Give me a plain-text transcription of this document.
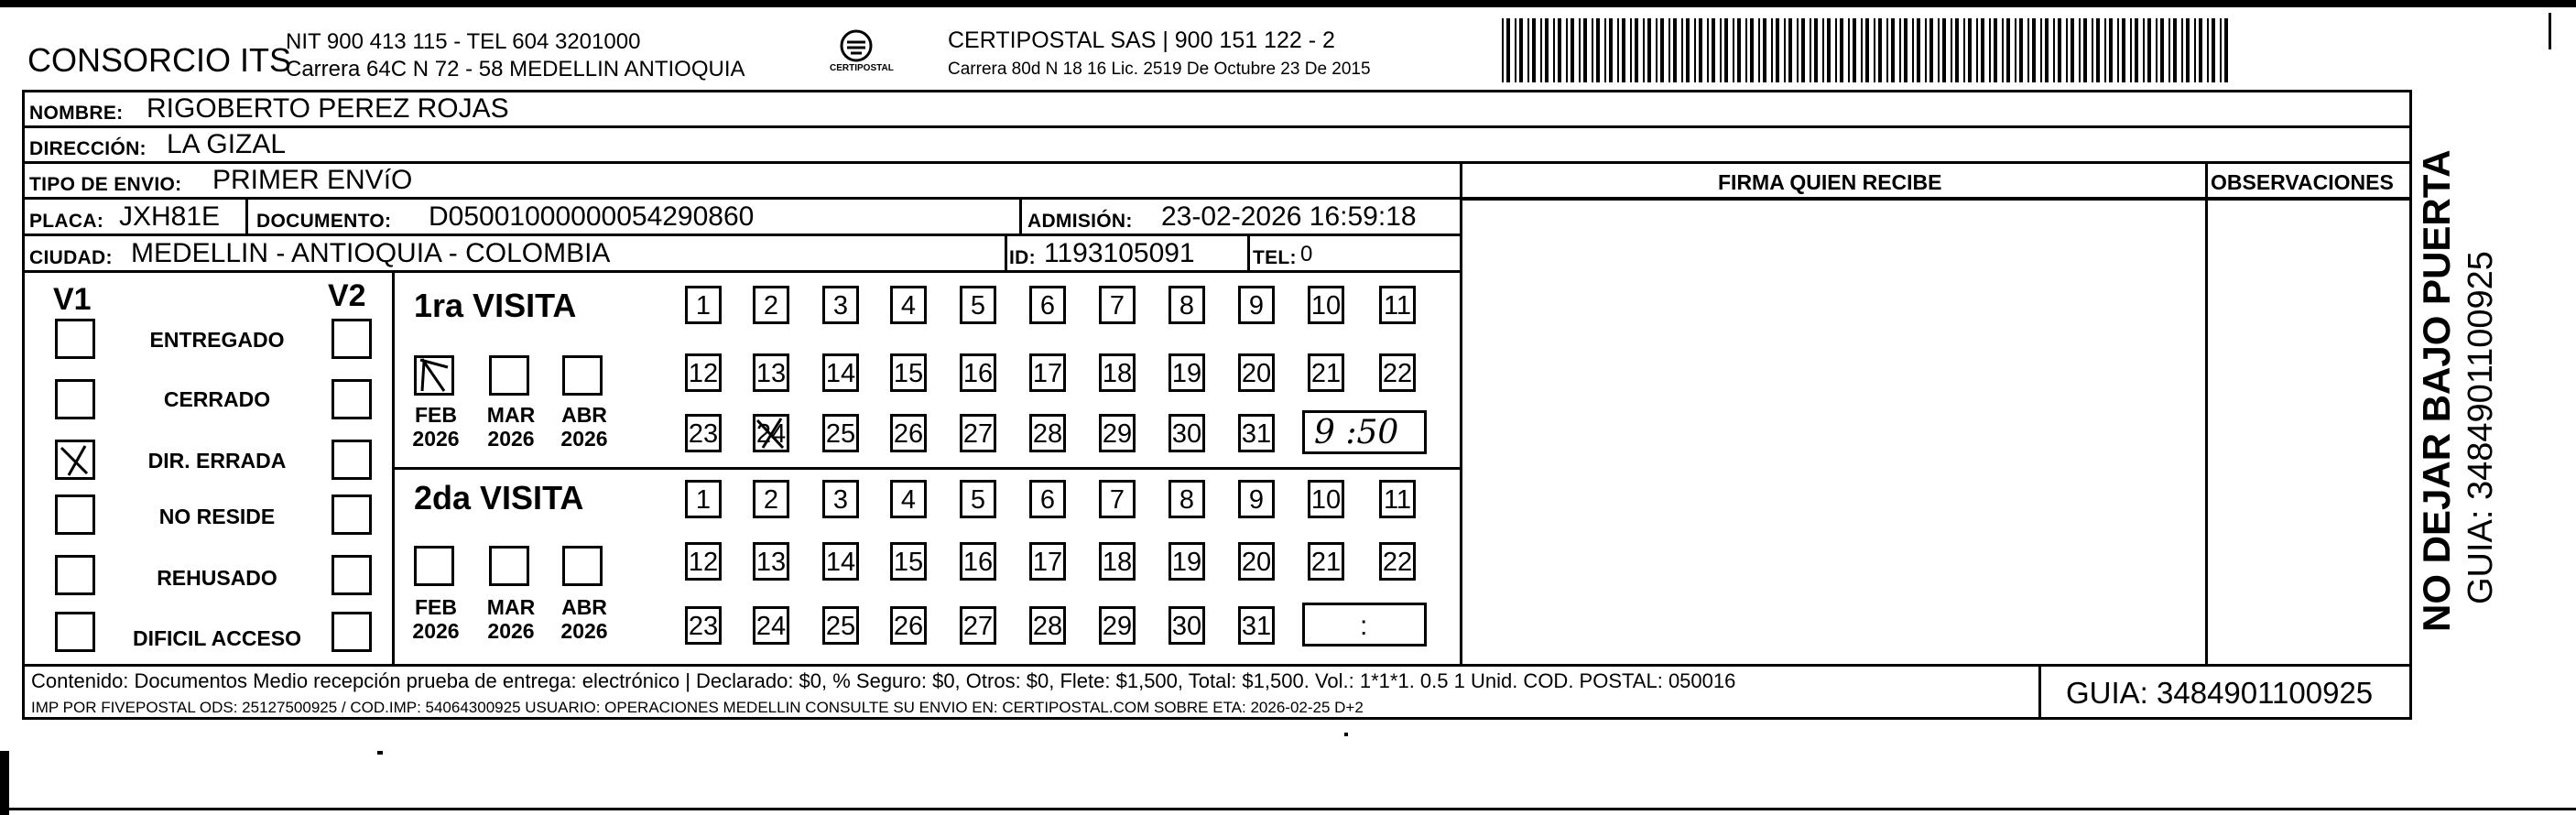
CONSORCIO ITS
NIT 900 413 115 - TEL 604 3201000
Carrera 64C N 72 - 58 MEDELLIN ANTIOQUIA	CERTIPOSTAL
CERTIPOSTAL SAS | 900 151 122 - 2
Carrera 80d N 18 16 Lic. 2519 De Octubre 23 De 2015
NOMBRE: RIGOBERTO PEREZ ROJAS
DIRECCIÓN: LA GIZAL
TIPO DE ENVIO: PRIMER ENVíO	FIRMA QUIEN RECIBE	OBSERVACIONES
PLACA: JXH81E DOCUMENTO: D05001000000054290860	ADMISIÓN: 23-02-2026 16:59:18
CIUDAD: MEDELLIN - ANTIOQUIA - COLOMBIA	ID: 1193105091	TEL: 0
V1	V2
ENTREGADO
CERRADO
DIR. ERRADA
NO RESIDE
REHUSADO
DIFICIL ACCESO
1ra VISITA
FEB
2026
MAR
2026
ABR
2026
1	2	3	4	5	6	7	8	9	10 11
12 13 14 15 16 17 18 19 20 21 22
23 24 25 26 27 28 29 30 31 9 :50
2da VISITA
FEB
2026
MAR
2026
ABR
2026
1	2	3	4	5	6	7	8	9	10 11
12 13 14 15 16 17 18 19 20 21 22
23 24 25 26 27 28 29 30 31	:
Contenido: Documentos Medio recepción prueba de entrega: electrónico | Declarado: $0, % Seguro: $0, Otros: $0, Flete: $1,500, Total: $1,500. Vol.: 1*1*1. 0.5 1 Unid. COD. POSTAL: 050016
IMP POR FIVEPOSTAL ODS: 25127500925 / COD.IMP: 54064300925 USUARIO: OPERACIONES MEDELLIN CONSULTE SU ENVIO EN: CERTIPOSTAL.COM SOBRE ETA: 2026-02-25 D+2	GUIA: 3484901100925
NO DEJAR BAJO PUERTA GUIA: 3484901100925
